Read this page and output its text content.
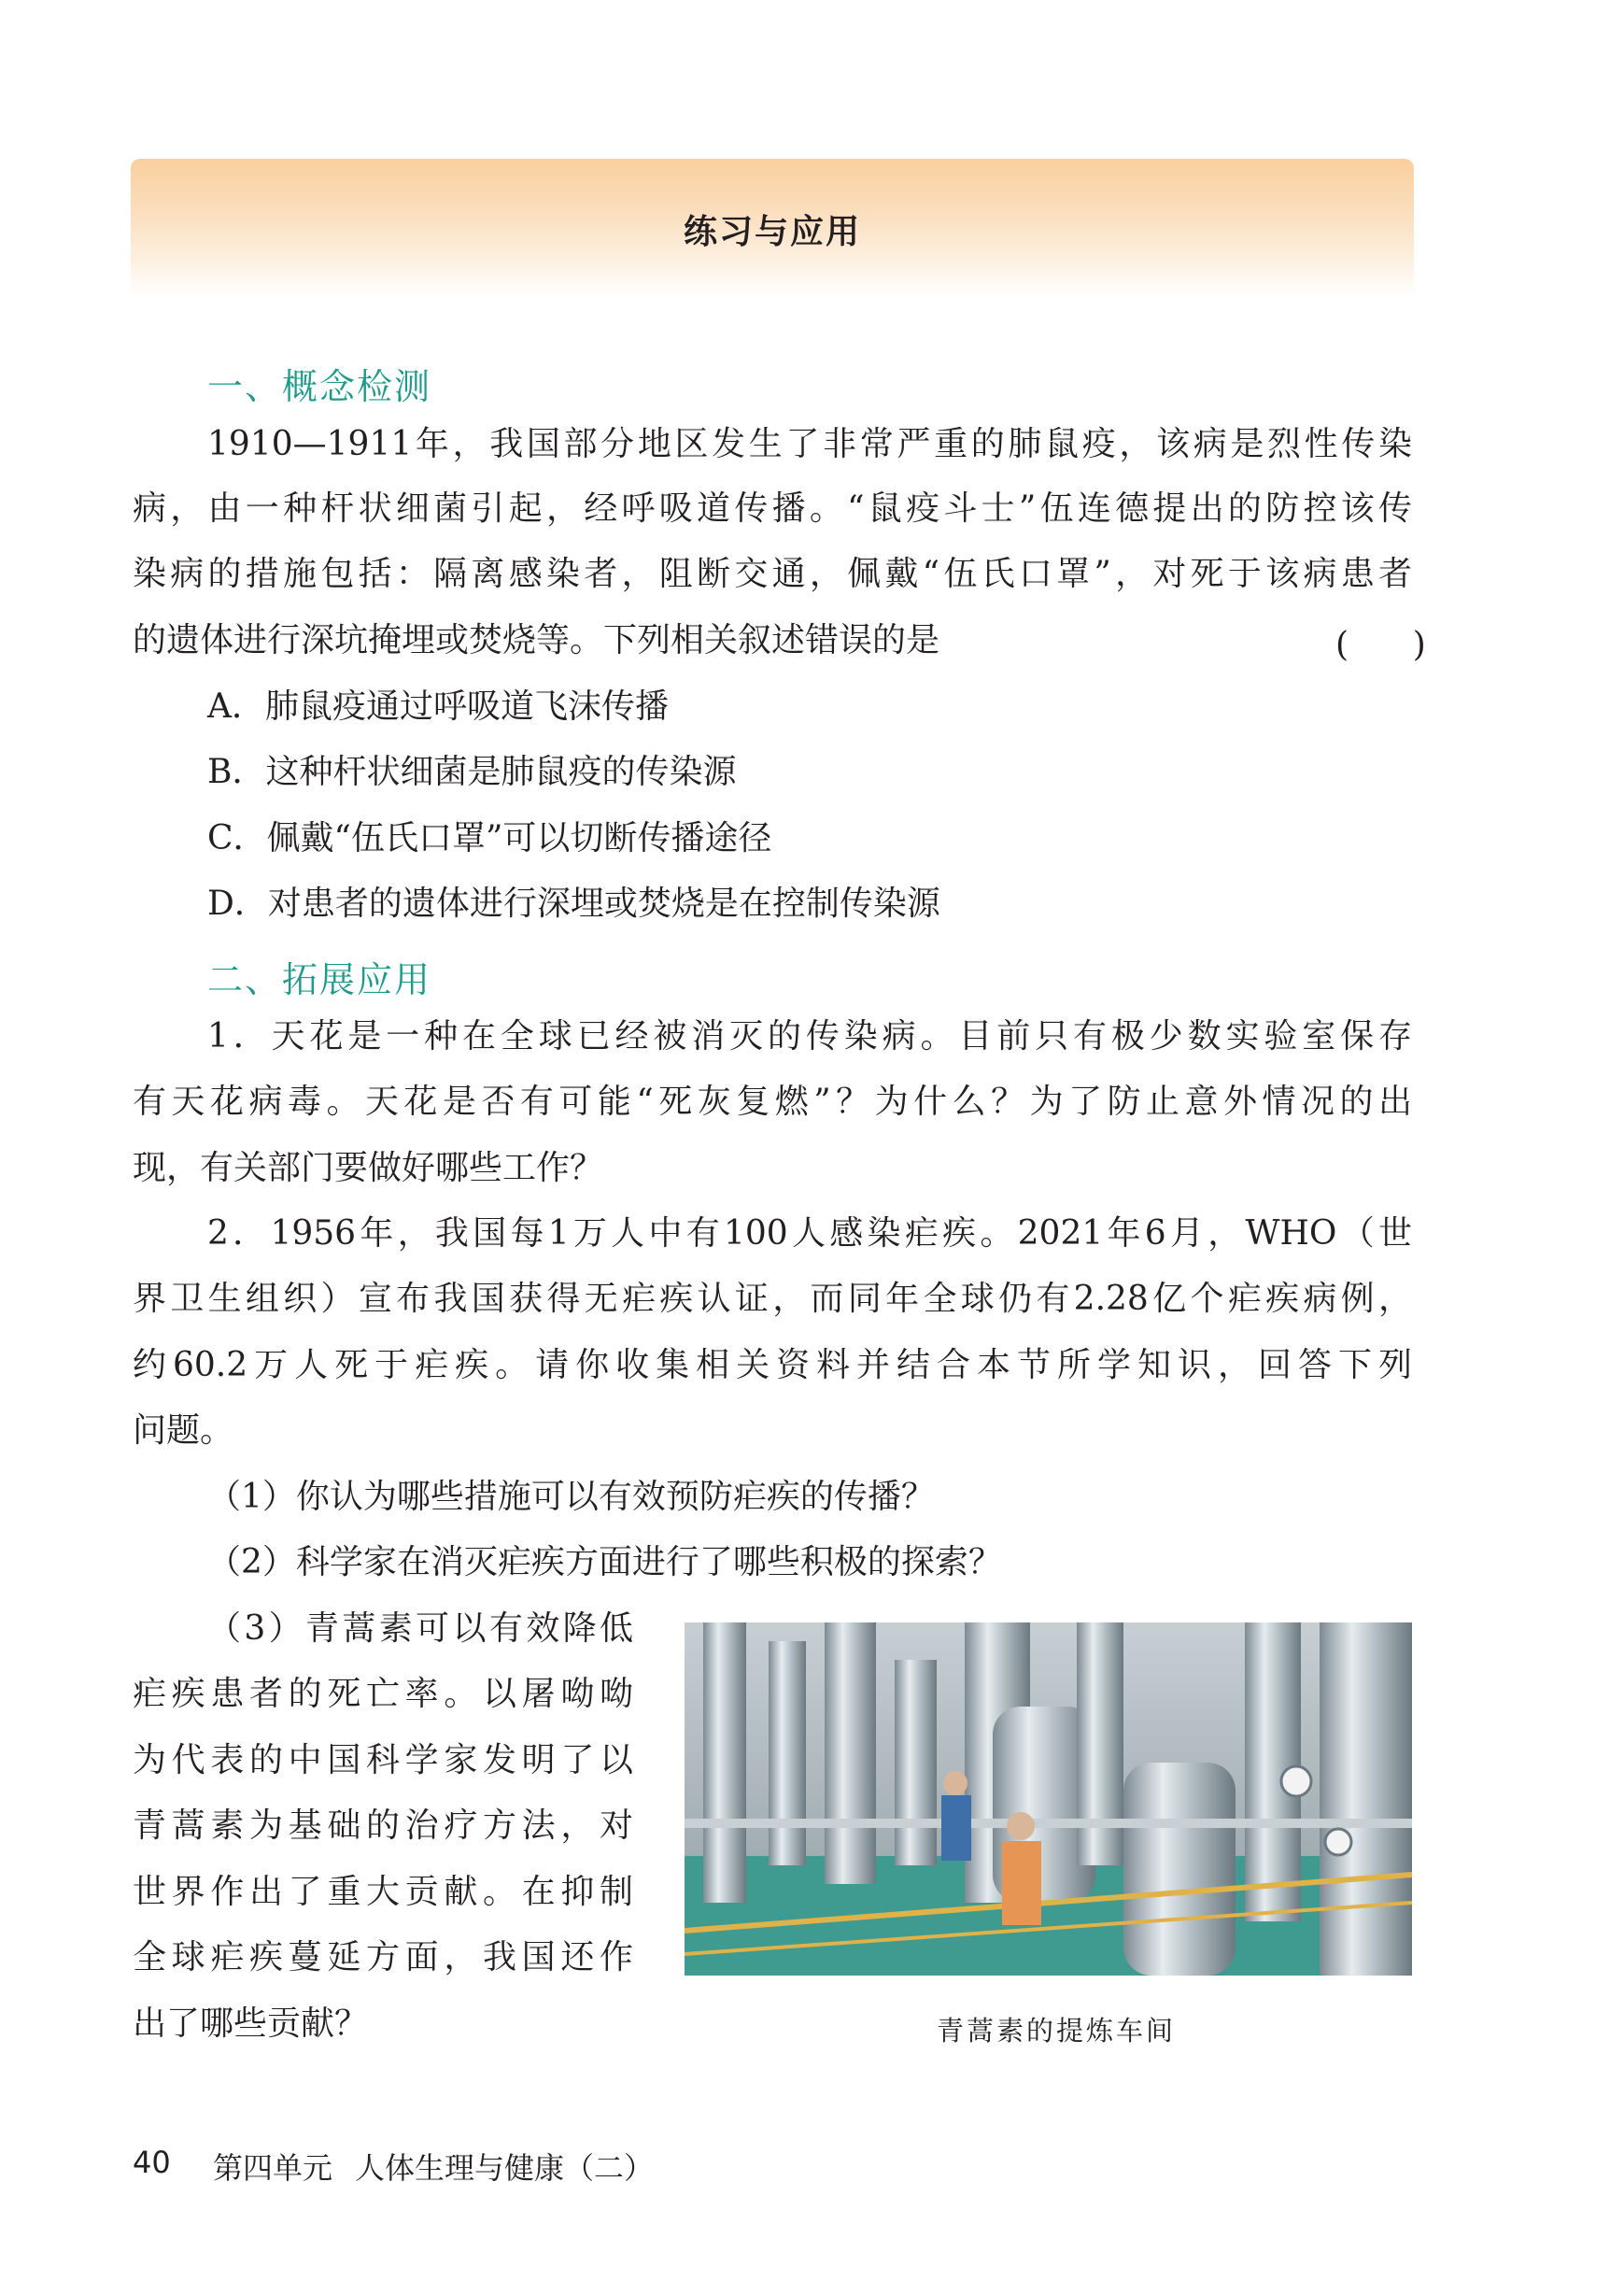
练习与应用
一、概念检测
1910—1911年，我国部分地区发生了非常严重的肺鼠疫，该病是烈性传染
病，由一种杆状细菌引起，经呼吸道传播。“鼠疫斗士”伍连德提出的防控该传
染病的措施包括：隔离感染者，阻断交通，佩戴“伍氏口罩”，对死于该病患者
的遗体进行深坑掩埋或焚烧等。下列相关叙述错误的是	(      )
A．肺鼠疫通过呼吸道飞沫传播
B．这种杆状细菌是肺鼠疫的传染源
C．佩戴“伍氏口罩”可以切断传播途径
D．对患者的遗体进行深埋或焚烧是在控制传染源
二、拓展应用
1．天花是一种在全球已经被消灭的传染病。目前只有极少数实验室保存
有天花病毒。天花是否有可能“死灰复燃”？为什么？为了防止意外情况的出
现，有关部门要做好哪些工作？
2．1956年，我国每1万人中有100人感染疟疾。2021年6月，WHO（世
界卫生组织）宣布我国获得无疟疾认证，而同年全球仍有2.28亿个疟疾病例，
约60.2万人死于疟疾。请你收集相关资料并结合本节所学知识，回答下列
问题。
（1）你认为哪些措施可以有效预防疟疾的传播？
（2）科学家在消灭疟疾方面进行了哪些积极的探索？
（3）青蒿素可以有效降低
疟疾患者的死亡率。以屠呦呦
为代表的中国科学家发明了以
青蒿素为基础的治疗方法，对
世界作出了重大贡献。在抑制
全球疟疾蔓延方面，我国还作
出了哪些贡献？	青蒿素的提炼车间
40 第四单元 人体生理与健康（二）
